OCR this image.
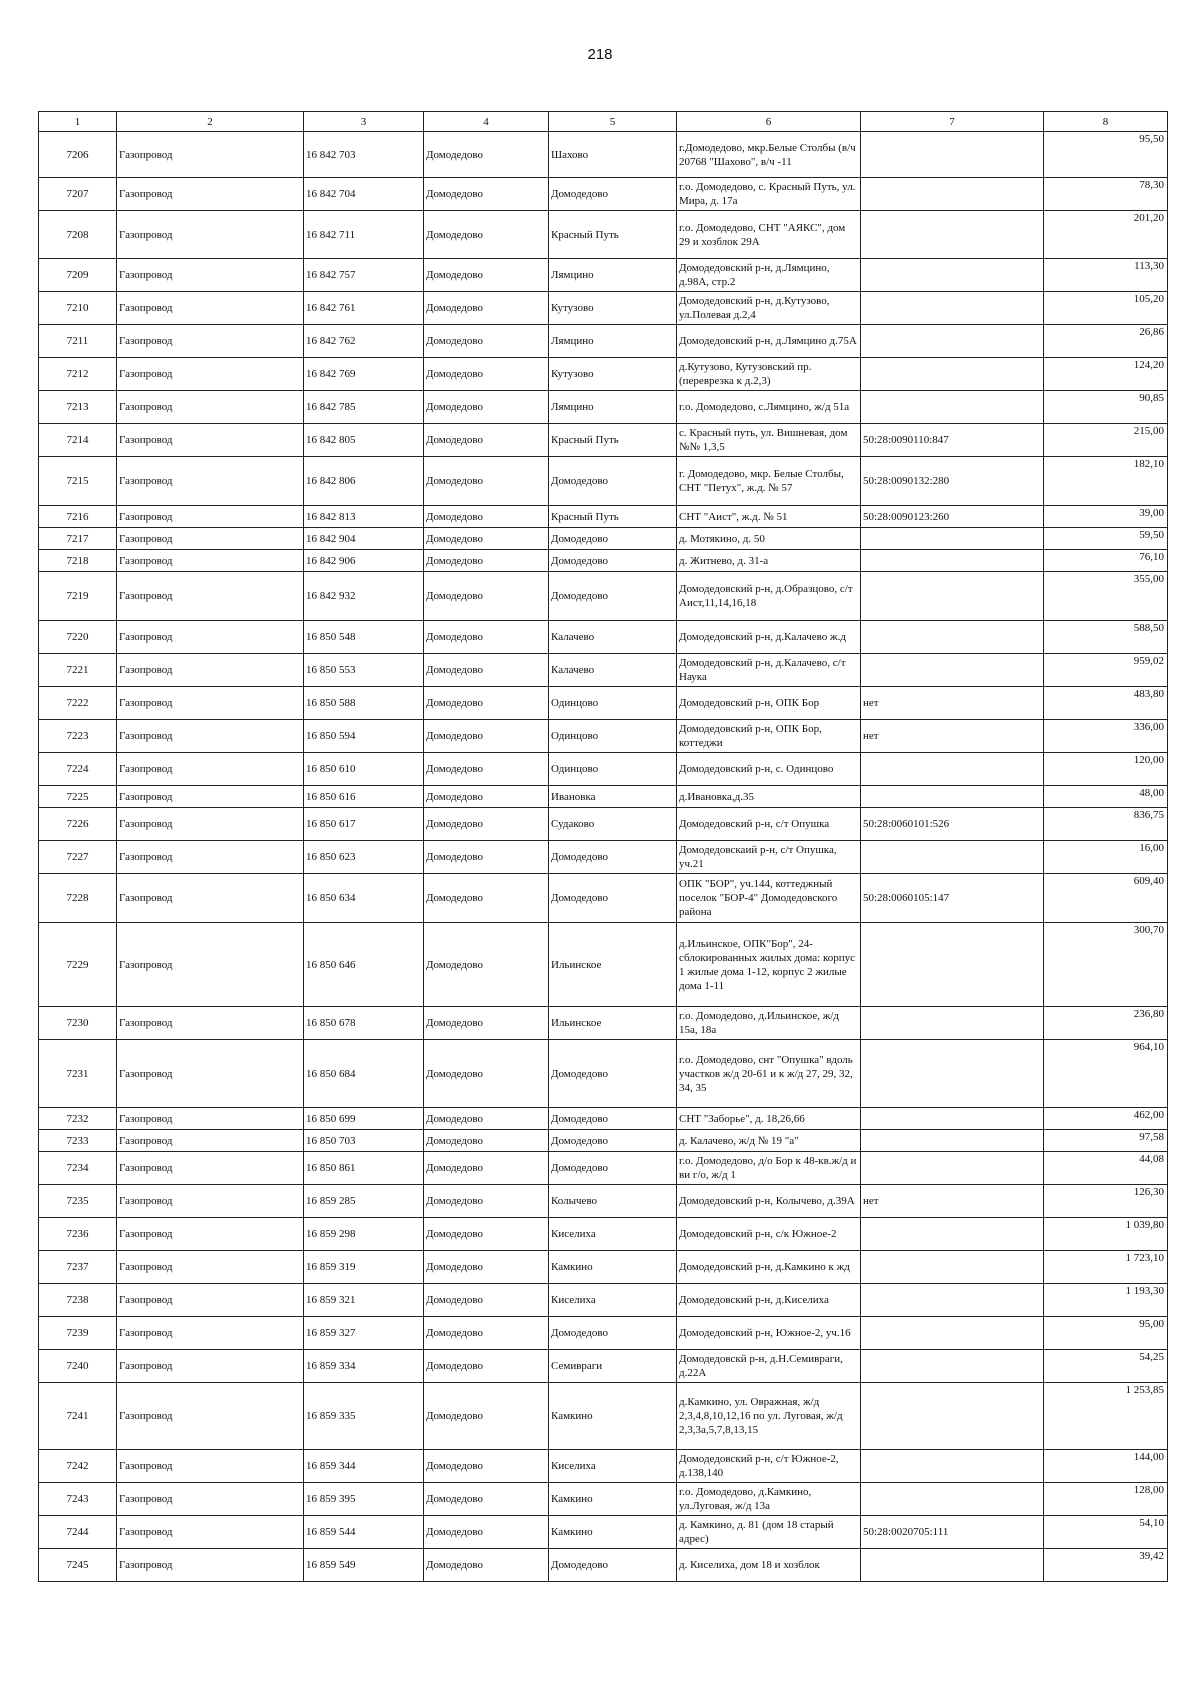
218
1	2	3	4	5	6	7	8
7206	Газопровод	16 842 703	Домодедово	Шахово	г.Домодедово, мкр.Белые Столбы (в/ч 20768 "Шахово", в/ч -11		95,50
7207	Газопровод	16 842 704	Домодедово	Домодедово	г.о. Домодедово, с. Красный Путь, ул. Мира, д. 17а		78,30
7208	Газопровод	16 842 711	Домодедово	Красный Путь	г.о. Домодедово, СНТ "АЯКС", дом 29 и хозблок 29А		201,20
7209	Газопровод	16 842 757	Домодедово	Лямцино	Домодедовский р-н, д.Лямцино, д.98А, стр.2		113,30
7210	Газопровод	16 842 761	Домодедово	Кутузово	Домодедовский р-н, д.Кутузово, ул.Полевая д.2,4		105,20
7211	Газопровод	16 842 762	Домодедово	Лямцино	Домодедовский р-н, д.Лямцино д.75А		26,86
7212	Газопровод	16 842 769	Домодедово	Кутузово	д.Кутузово, Кутузовский пр.(переврезка к д.2,3)		124,20
7213	Газопровод	16 842 785	Домодедово	Лямцино	г.о. Домодедово, с.Лямцино, ж/д 51а		90,85
7214	Газопровод	16 842 805	Домодедово	Красный Путь	с. Красный путь, ул. Вишневая, дом №№ 1,3,5	50:28:0090110:847	215,00
7215	Газопровод	16 842 806	Домодедово	Домодедово	г. Домодедово, мкр. Белые Столбы, СНТ "Петух", ж.д. № 57	50:28:0090132:280	182,10
7216	Газопровод	16 842 813	Домодедово	Красный Путь	СНТ "Аист", ж.д. № 51	50:28:0090123:260	39,00
7217	Газопровод	16 842 904	Домодедово	Домодедово	д. Мотякино, д. 50		59,50
7218	Газопровод	16 842 906	Домодедово	Домодедово	д. Житнево, д. 31-а		76,10
7219	Газопровод	16 842 932	Домодедово	Домодедово	Домодедовский р-н, д.Образцово, с/т Аист,11,14,16,18		355,00
7220	Газопровод	16 850 548	Домодедово	Калачево	Домодедовский р-н, д.Калачево ж.д		588,50
7221	Газопровод	16 850 553	Домодедово	Калачево	Домодедовский р-н, д.Калачево, с/т Наука		959,02
7222	Газопровод	16 850 588	Домодедово	Одинцово	Домодедовский р-н, ОПК Бор	нет	483,80
7223	Газопровод	16 850 594	Домодедово	Одинцово	Домодедовский р-н, ОПК Бор, коттеджи	нет	336,00
7224	Газопровод	16 850 610	Домодедово	Одинцово	Домодедовский р-н, с. Одинцово		120,00
7225	Газопровод	16 850 616	Домодедово	Ивановка	д.Ивановка,д.35		48,00
7226	Газопровод	16 850 617	Домодедово	Судаково	Домодедовский р-н, с/т Опушка	50:28:0060101:526	836,75
7227	Газопровод	16 850 623	Домодедово	Домодедово	Домодедовскаий р-н, с/т Опушка, уч.21		16,00
7228	Газопровод	16 850 634	Домодедово	Домодедово	ОПК "БОР", уч.144, коттеджный поселок "БОР-4" Домодедовского района	50:28:0060105:147	609,40
7229	Газопровод	16 850 646	Домодедово	Ильинское	д.Ильинское, ОПК"Бор", 24-сблокированных жилых дома: корпус 1 жилые дома 1-12, корпус 2 жилые дома 1-11		300,70
7230	Газопровод	16 850 678	Домодедово	Ильинское	г.о. Домодедово, д.Ильинское, ж/д 15а, 18а		236,80
7231	Газопровод	16 850 684	Домодедово	Домодедово	г.о. Домодедово, снт "Опушка" вдоль участков ж/д 20-61 и к ж/д 27, 29, 32, 34, 35		964,10
7232	Газопровод	16 850 699	Домодедово	Домодедово	СНТ "Заборье", д. 18,26,66		462,00
7233	Газопровод	16 850 703	Домодедово	Домодедово	д. Калачево, ж/д № 19 "а"		97,58
7234	Газопровод	16 850 861	Домодедово	Домодедово	г.о. Домодедово, д/о Бор к 48-кв.ж/д и ви г/о, ж/д 1		44,08
7235	Газопровод	16 859 285	Домодедово	Колычево	Домодедовский р-н, Колычево, д.39А	нет	126,30
7236	Газопровод	16 859 298	Домодедово	Киселиха	Домодедовский р-н, с/к Южное-2		1 039,80
7237	Газопровод	16 859 319	Домодедово	Камкино	Домодедовский р-н, д.Камкино к жд		1 723,10
7238	Газопровод	16 859 321	Домодедово	Киселиха	Домодедовский р-н, д.Киселиха		1 193,30
7239	Газопровод	16 859 327	Домодедово	Домодедово	Домодедовский р-н, Южное-2, уч.16		95,00
7240	Газопровод	16 859 334	Домодедово	Семивраги	Домодедовскй р-н, д.Н.Семивраги, д.22А		54,25
7241	Газопровод	16 859 335	Домодедово	Камкино	д.Камкино, ул. Овражная, ж/д 2,3,4,8,10,12,16 по ул. Луговая, ж/д 2,3,3а,5,7,8,13,15		1 253,85
7242	Газопровод	16 859 344	Домодедово	Киселиха	Домодедовский р-н, с/т Южное-2, д.138,140		144,00
7243	Газопровод	16 859 395	Домодедово	Камкино	г.о. Домодедово, д.Камкино, ул.Луговая, ж/д 13а		128,00
7244	Газопровод	16 859 544	Домодедово	Камкино	д. Камкино, д. 81 (дом 18 старый адрес)	50:28:0020705:111	54,10
7245	Газопровод	16 859 549	Домодедово	Домодедово	д. Киселиха, дом 18 и хозблок		39,42
